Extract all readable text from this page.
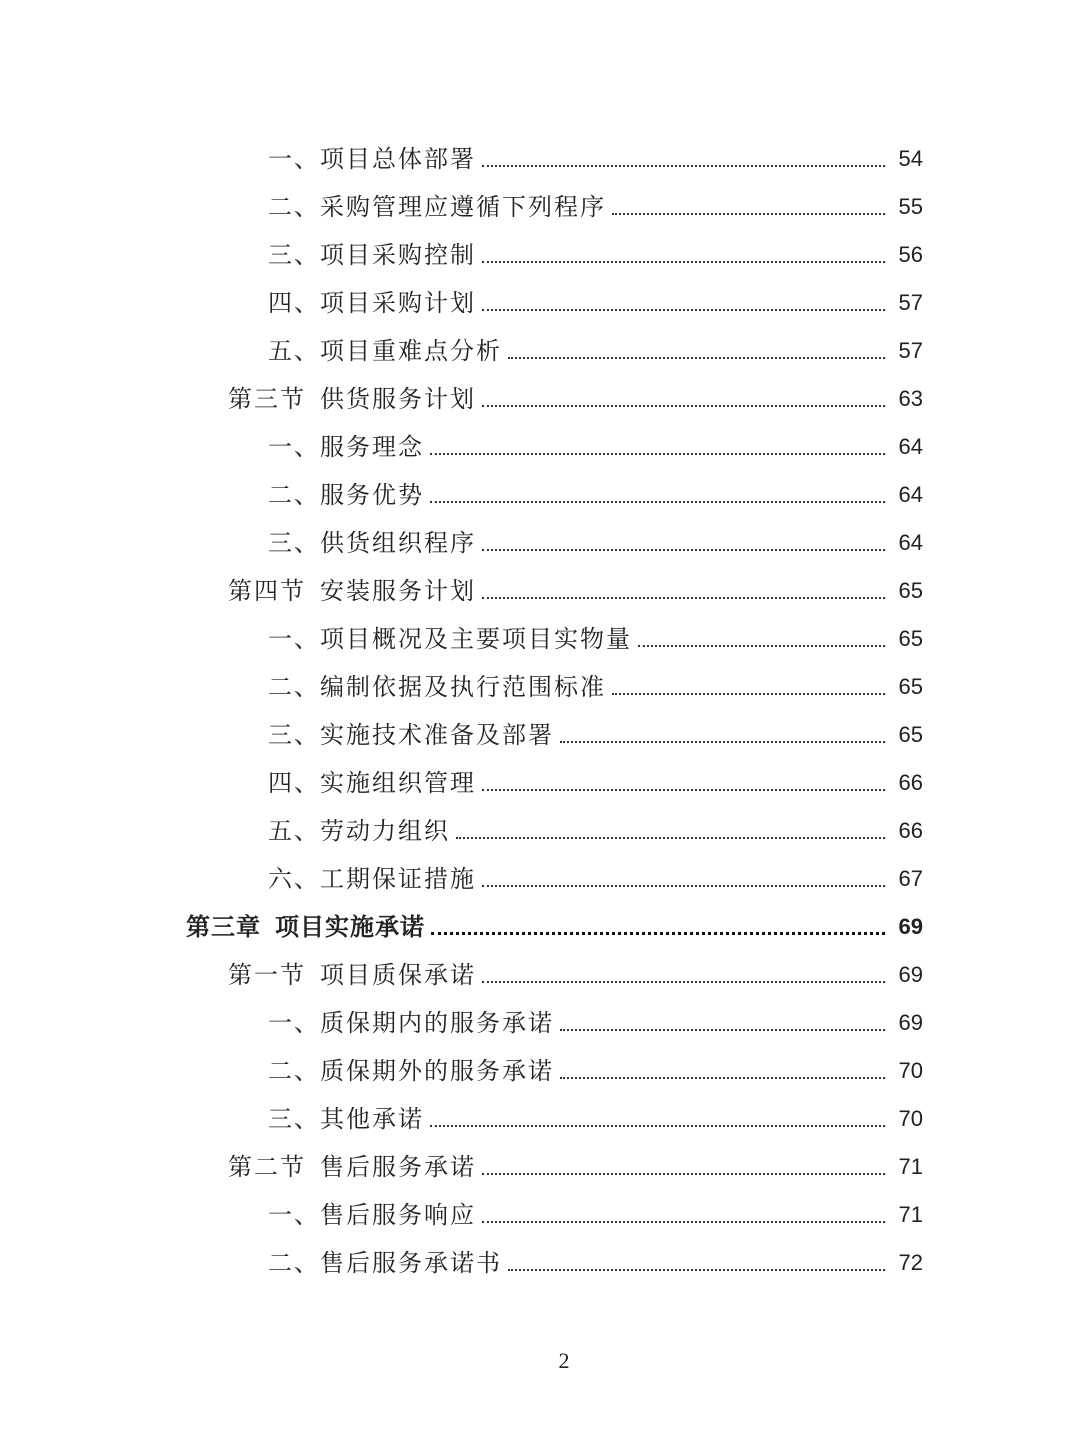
一、项目总体部署	54
二、采购管理应遵循下列程序	55
三、项目采购控制	56
四、项目采购计划	57
五、项目重难点分析	57
第三节 供货服务计划	63
一、服务理念	64
二、服务优势	64
三、供货组织程序	64
第四节 安装服务计划	65
一、项目概况及主要项目实物量	65
二、编制依据及执行范围标准	65
三、实施技术准备及部署	65
四、实施组织管理	66
五、劳动力组织	66
六、工期保证措施	67
第三章 项目实施承诺	69
第一节 项目质保承诺	69
一、质保期内的服务承诺	69
二、质保期外的服务承诺	70
三、其他承诺	70
第二节 售后服务承诺	71
一、售后服务响应	71
二、售后服务承诺书	72
2
